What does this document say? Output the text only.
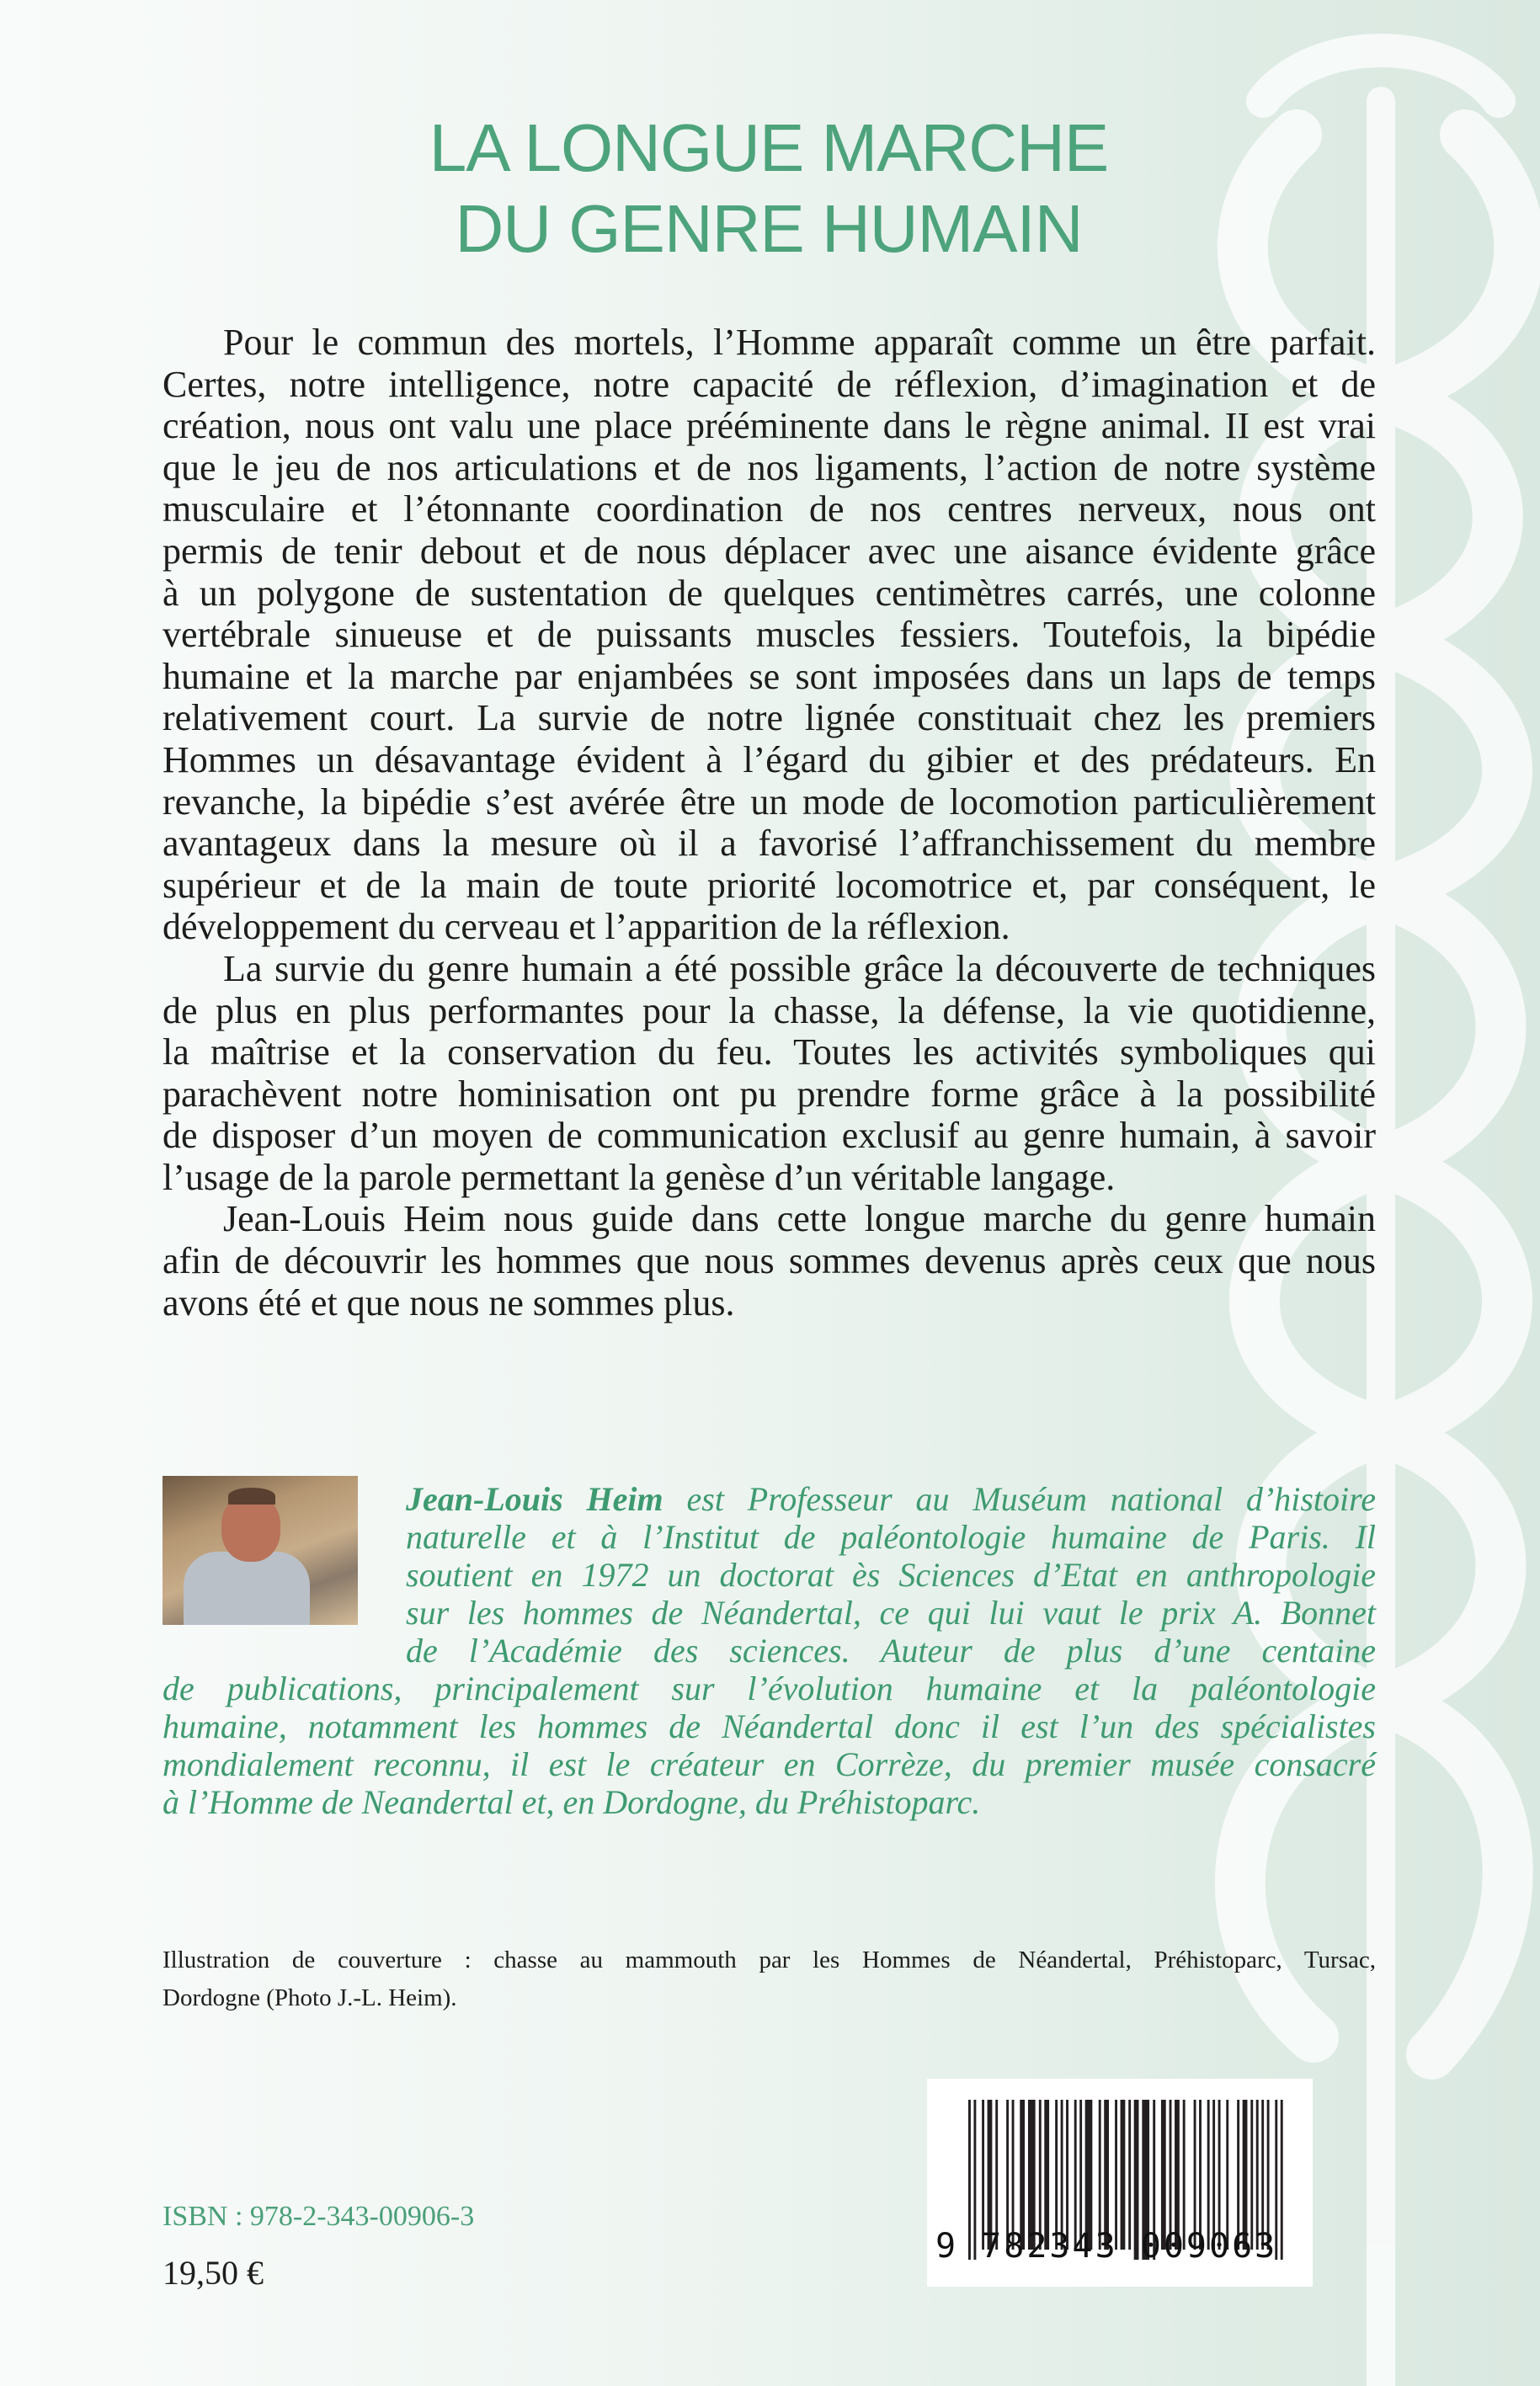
LA LONGUE MARCHE
DU GENRE HUMAIN
Pour le commun des mortels, l’Homme apparaît comme un être parfait.
Certes, notre intelligence, notre capacité de réflexion, d’imagination et de
création, nous ont valu une place prééminente dans le règne animal. II est vrai
que le jeu de nos articulations et de nos ligaments, l’action de notre système
musculaire et l’étonnante coordination de nos centres nerveux, nous ont
permis de tenir debout et de nous déplacer avec une aisance évidente grâce
à un polygone de sustentation de quelques centimètres carrés, une colonne
vertébrale sinueuse et de puissants muscles fessiers. Toutefois, la bipédie
humaine et la marche par enjambées se sont imposées dans un laps de temps
relativement court. La survie de notre lignée constituait chez les premiers
Hommes un désavantage évident à l’égard du gibier et des prédateurs. En
revanche, la bipédie s’est avérée être un mode de locomotion particulièrement
avantageux dans la mesure où il a favorisé l’affranchissement du membre
supérieur et de la main de toute priorité locomotrice et, par conséquent, le
développement du cerveau et l’apparition de la réflexion.
La survie du genre humain a été possible grâce la découverte de techniques
de plus en plus performantes pour la chasse, la défense, la vie quotidienne,
la maîtrise et la conservation du feu. Toutes les activités symboliques qui
parachèvent notre hominisation ont pu prendre forme grâce à la possibilité
de disposer d’un moyen de communication exclusif au genre humain, à savoir
l’usage de la parole permettant la genèse d’un véritable langage.
Jean-Louis Heim nous guide dans cette longue marche du genre humain
afin de découvrir les hommes que nous sommes devenus après ceux que nous
avons été et que nous ne sommes plus.
Jean-Louis Heim est Professeur au Muséum national d’histoire
naturelle et à l’Institut de paléontologie humaine de Paris. Il
soutient en 1972 un doctorat ès Sciences d’Etat en anthropologie
sur les hommes de Néandertal, ce qui lui vaut le prix A. Bonnet
de l’Académie des sciences. Auteur de plus d’une centaine
de publications, principalement sur l’évolution humaine et la paléontologie
humaine, notamment les hommes de Néandertal donc il est l’un des spécialistes
mondialement reconnu, il est le créateur en Corrèze, du premier musée consacré
à l’Homme de Neandertal et, en Dordogne, du Préhistoparc.
Illustration de couverture : chasse au mammouth par les Hommes de Néandertal, Préhistoparc, Tursac,
Dordogne (Photo J.-L. Heim).
ISBN : 978-2-343-00906-3
19,50 €
9 782343 009063
